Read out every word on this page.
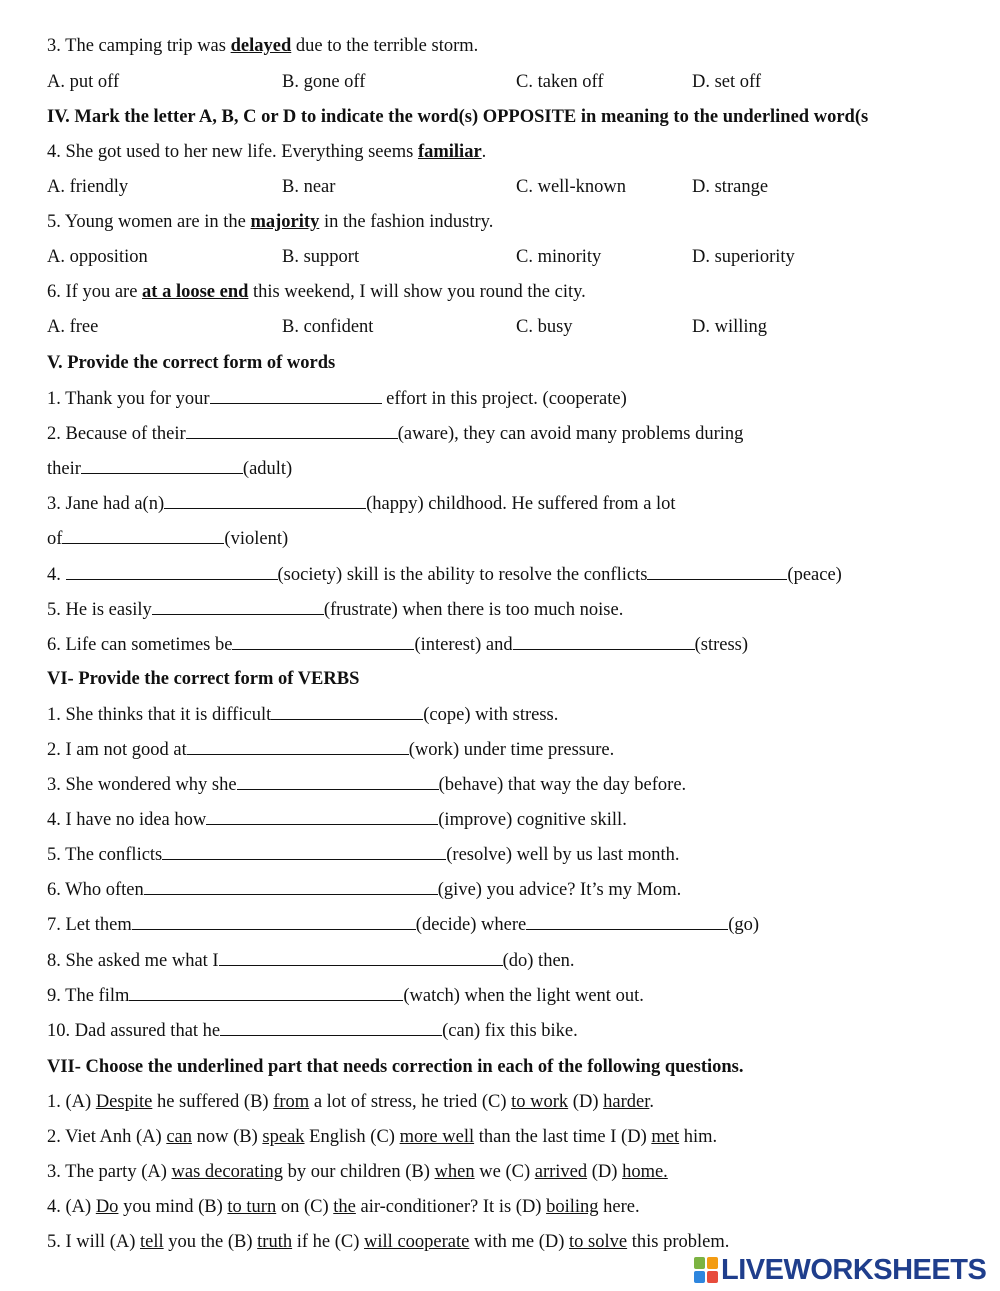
3. The camping trip was delayed due to the terrible storm.
A. put off	B. gone off	C. taken off	D. set off
IV. Mark the letter A, B, C or D to indicate the word(s) OPPOSITE in meaning to the underlined word(s
4. She got used to her new life. Everything seems familiar.
A. friendly	B. near	C. well-known	D. strange
5. Young women are in the majority in the fashion industry.
A. opposition	B. support	C. minority	D. superiority
6. If you are at a loose end this weekend, I will show you round the city.
A. free	B. confident	C. busy	D. willing
V. Provide the correct form of words
1. Thank you for your	effort in this project. (cooperate)
2. Because of their	(aware), they can avoid many problems during
their	(adult)
3. Jane had a(n)	(happy) childhood. He suffered from a lot
of	(violent)
4.	(society) skill is the ability to resolve the conflicts	(peace)
5. He is easily	(frustrate) when there is too much noise.
6. Life can sometimes be	(interest) and	(stress)
VI- Provide the correct form of VERBS
1. She thinks that it is difficult	(cope) with stress.
2. I am not good at	(work) under time pressure.
3. She wondered why she	(behave) that way the day before.
4. I have no idea how	(improve) cognitive skill.
5. The conflicts	(resolve) well by us last month.
6. Who often	(give) you advice? It’s my Mom.
7. Let them	(decide) where	(go)
8. She asked me what I	(do) then.
9. The film	(watch) when the light went out.
10. Dad assured that he	(can) fix this bike.
VII- Choose the underlined part that needs correction in each of the following questions.
1. (A) Despite he suffered (B) from a lot of stress, he tried (C) to work (D) harder.
2. Viet Anh (A) can now (B) speak English (C) more well than the last time I (D) met him.
3. The party (A) was decorating by our children (B) when we (C) arrived (D) home.
4. (A) Do you mind (B) to turn on (C) the air-conditioner? It is (D) boiling here.
5. I will (A) tell you the (B) truth if he (C) will cooperate with me (D) to solve this problem.
LIVEWORKSHEETS
